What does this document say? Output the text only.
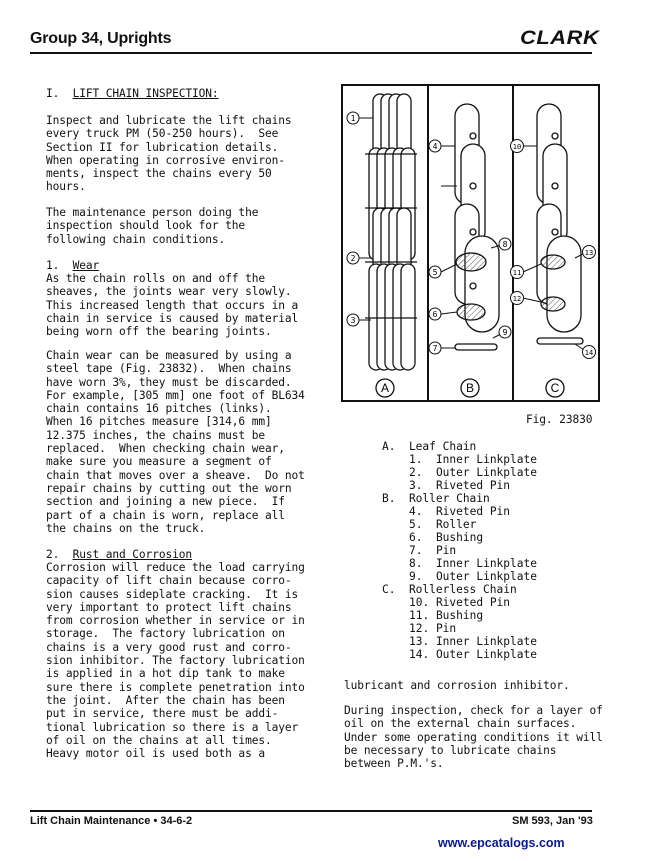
Group 34, Uprights	CLARK
I. LIFT CHAIN INSPECTION:
Inspect and lubricate the lift chains
every truck PM (50-250 hours).  See
Section II for lubrication details.
When operating in corrosive environ-
ments, inspect the chains every 50
hours.
The maintenance person doing the
inspection should look for the
following chain conditions.
1. Wear
As the chain rolls on and off the
sheaves, the joints wear very slowly.
This increased length that occurs in a
chain in service is caused by material
being worn off the bearing joints.
Chain wear can be measured by using a
steel tape (Fig. 23832).  When chains
have worn 3%, they must be discarded.
For example, [305 mm] one foot of BL634
chain contains 16 pitches (links).
When 16 pitches measure [314,6 mm]
12.375 inches, the chains must be
replaced.  When checking chain wear,
make sure you measure a segment of
chain that moves over a sheave.  Do not
repair chains by cutting out the worn
section and joining a new piece.  If
part of a chain is worn, replace all
the chains on the truck.
2. Rust and Corrosion
Corrosion will reduce the load carrying
capacity of lift chain because corro-
sion causes sideplate cracking.  It is
very important to protect lift chains
from corrosion whether in service or in
storage.  The factory lubrication on
chains is a very good rust and corro-
sion inhibitor. The factory lubrication
is applied in a hot dip tank to make
sure there is complete penetration into
the joint.  After the chain has been
put in service, there must be addi-
tional lubrication so there is a layer
of oil on the chains at all times.
Heavy motor oil is used both as a
1
2
3
4
5
6
7
8
9
10
11
12
13
14
A	B	C
Fig. 23830
A.  Leaf Chain
1.  Inner Linkplate
2.  Outer Linkplate
3.  Riveted Pin
B.  Roller Chain
4.  Riveted Pin
5.  Roller
6.  Bushing
7.  Pin
8.  Inner Linkplate
9.  Outer Linkplate
C.  Rollerless Chain
10. Riveted Pin
11. Bushing
12. Pin
13. Inner Linkplate
14. Outer Linkplate
lubricant and corrosion inhibitor.
During inspection, check for a layer of
oil on the external chain surfaces.
Under some operating conditions it will
be necessary to lubricate chains
between P.M.'s.
Lift Chain Maintenance • 34-6-2	SM 593, Jan '93
www.epcatalogs.com
